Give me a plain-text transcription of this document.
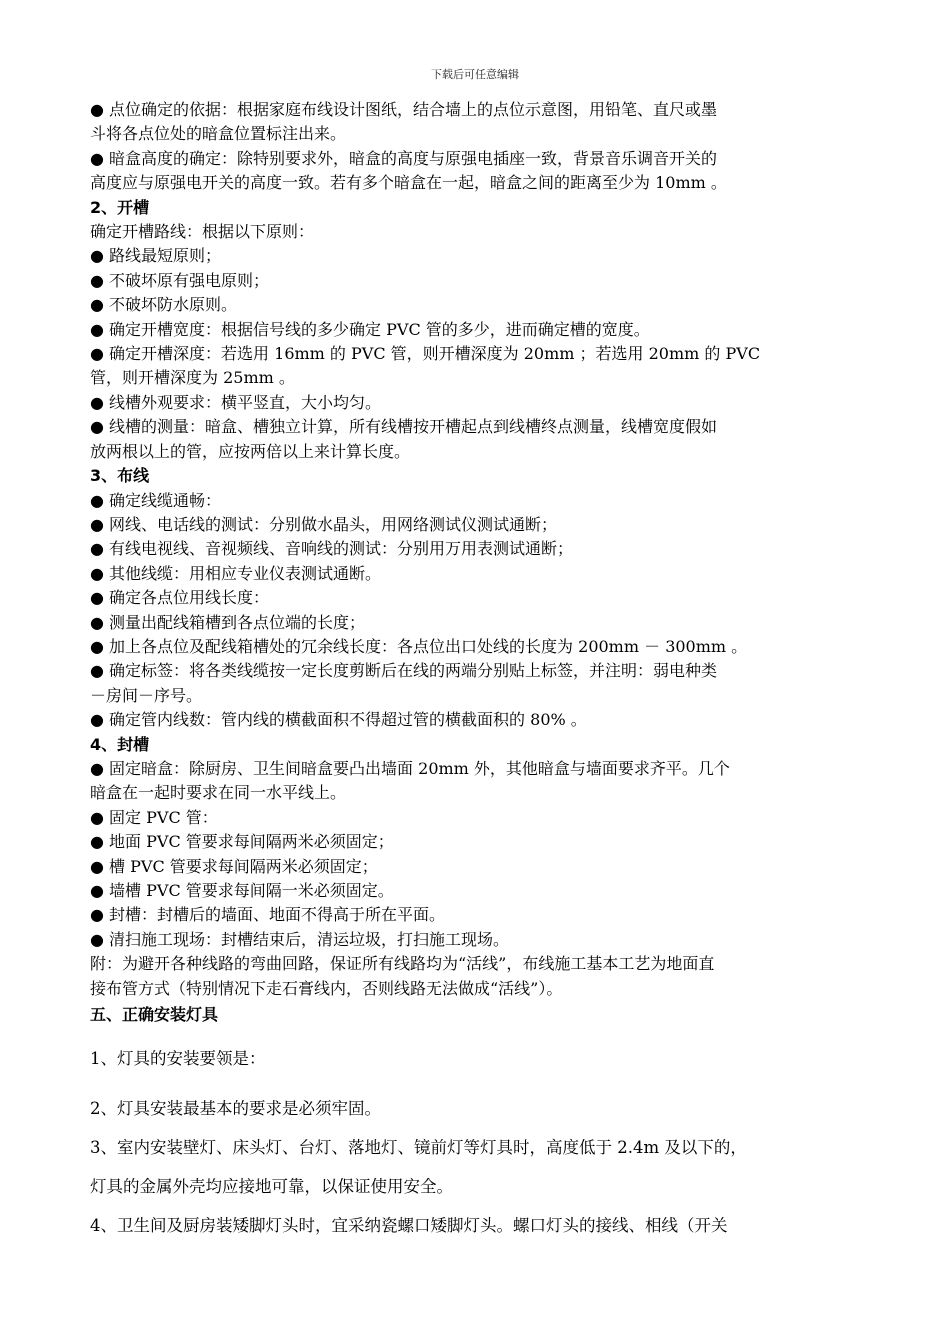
下载后可任意编辑
● 点位确定的依据：根据家庭布线设计图纸，结合墙上的点位示意图，用铅笔、直尺或墨
斗将各点位处的暗盒位置标注出来。
● 暗盒高度的确定：除特别要求外，暗盒的高度与原强电插座一致，背景音乐调音开关的
高度应与原强电开关的高度一致。若有多个暗盒在一起，暗盒之间的距离至少为 10mm 。
2、开槽
确定开槽路线：根据以下原则：
● 路线最短原则；
● 不破坏原有强电原则；
● 不破坏防水原则。
● 确定开槽宽度：根据信号线的多少确定 PVC 管的多少，进而确定槽的宽度。
● 确定开槽深度：若选用 16mm 的 PVC 管，则开槽深度为 20mm ；若选用 20mm 的 PVC
管，则开槽深度为 25mm 。
● 线槽外观要求：横平竖直，大小均匀。
● 线槽的测量：暗盒、槽独立计算，所有线槽按开槽起点到线槽终点测量，线槽宽度假如
放两根以上的管，应按两倍以上来计算长度。
3、布线
● 确定线缆通畅：
● 网线、电话线的测试：分别做水晶头，用网络测试仪测试通断；
● 有线电视线、音视频线、音响线的测试：分别用万用表测试通断；
● 其他线缆：用相应专业仪表测试通断。
● 确定各点位用线长度：
● 测量出配线箱槽到各点位端的长度；
● 加上各点位及配线箱槽处的冗余线长度：各点位出口处线的长度为 200mm － 300mm 。
● 确定标签：将各类线缆按一定长度剪断后在线的两端分别贴上标签，并注明：弱电种类
－房间－序号。
● 确定管内线数：管内线的横截面积不得超过管的横截面积的 80% 。
4、封槽
● 固定暗盒：除厨房、卫生间暗盒要凸出墙面 20mm 外，其他暗盒与墙面要求齐平。几个
暗盒在一起时要求在同一水平线上。
● 固定 PVC 管：
● 地面 PVC 管要求每间隔两米必须固定；
● 槽 PVC 管要求每间隔两米必须固定；
● 墙槽 PVC 管要求每间隔一米必须固定。
● 封槽：封槽后的墙面、地面不得高于所在平面。
● 清扫施工现场：封槽结束后，清运垃圾，打扫施工现场。
附：为避开各种线路的弯曲回路，保证所有线路均为“活线”，布线施工基本工艺为地面直
接布管方式（特别情况下走石膏线内，否则线路无法做成“活线”）。
五、正确安装灯具
1、灯具的安装要领是：
2、灯具安装最基本的要求是必须牢固。
3、室内安装壁灯、床头灯、台灯、落地灯、镜前灯等灯具时，高度低于 2.4m 及以下的，
灯具的金属外壳均应接地可靠，以保证使用安全。
4、卫生间及厨房装矮脚灯头时，宜采纳瓷螺口矮脚灯头。螺口灯头的接线、相线（开关
